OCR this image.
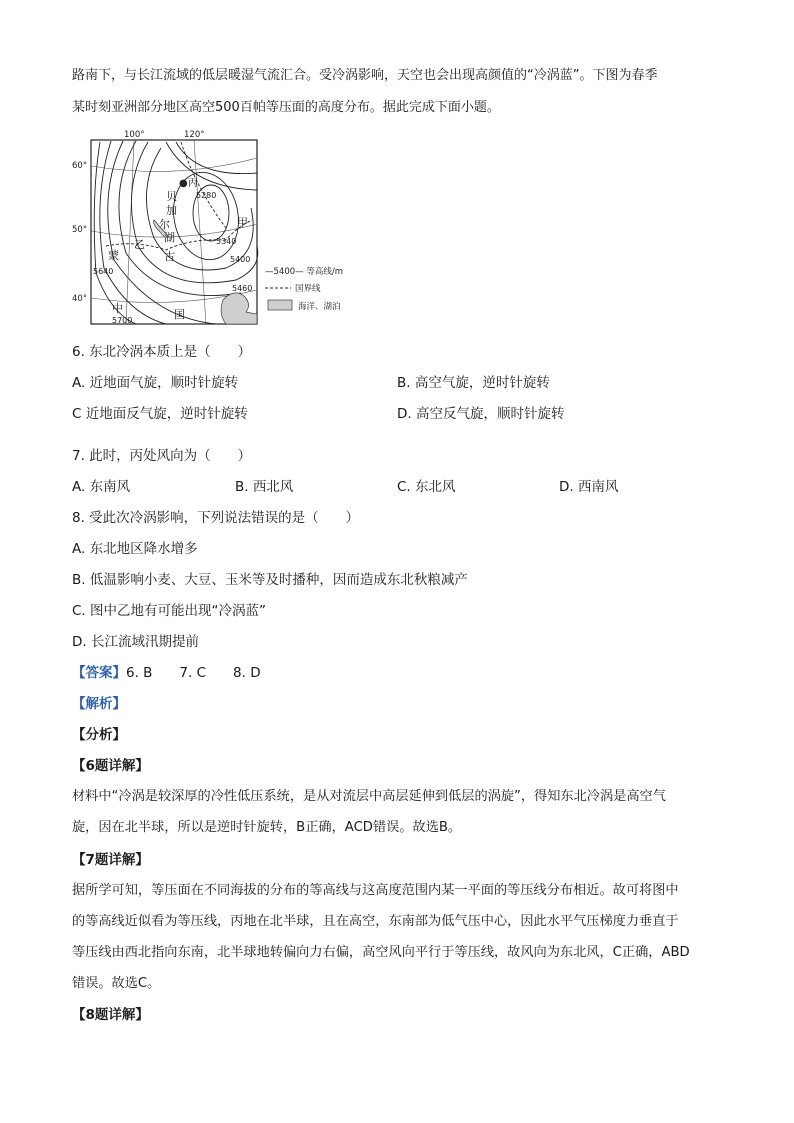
路南下，与长江流域的低层暖湿气流汇合。受冷涡影响，天空也会出现高颜值的“冷涡蓝”。下图为春季
某时刻亚洲部分地区高空500百帕等压面的高度分布。据此完成下面小题。
100°	120°
60°
50°
40°
5280
5340
5400
5460
5640
5700
●丙
贝
加
尔
湖
乙
甲
蒙	古
中	国
—5400— 等高线/m
国界线
海洋、湖泊
6. 东北冷涡本质上是（　　）
A. 近地面气旋，顺时针旋转	B. 高空气旋，逆时针旋转
C 近地面反气旋，逆时针旋转	D. 高空反气旋，顺时针旋转
7. 此时，丙处风向为（　　）
A. 东南风	B. 西北风	C. 东北风	D. 西南风
8. 受此次冷涡影响，下列说法错误的是（　　）
A. 东北地区降水增多
B. 低温影响小麦、大豆、玉米等及时播种，因而造成东北秋粮减产
C. 图中乙地有可能出现“冷涡蓝”
D. 长江流域汛期提前
【答案】6. B　　7. C　　8. D
【解析】
【分析】
【6题详解】
材料中“冷涡是较深厚的冷性低压系统，是从对流层中高层延伸到低层的涡旋”，得知东北冷涡是高空气
旋，因在北半球，所以是逆时针旋转，B正确，ACD错误。故选B。
【7题详解】
据所学可知，等压面在不同海拔的分布的等高线与这高度范围内某一平面的等压线分布相近。故可将图中
的等高线近似看为等压线，丙地在北半球，且在高空，东南部为低气压中心，因此水平气压梯度力垂直于
等压线由西北指向东南，北半球地转偏向力右偏，高空风向平行于等压线，故风向为东北风，C正确，ABD
错误。故选C。
【8题详解】
